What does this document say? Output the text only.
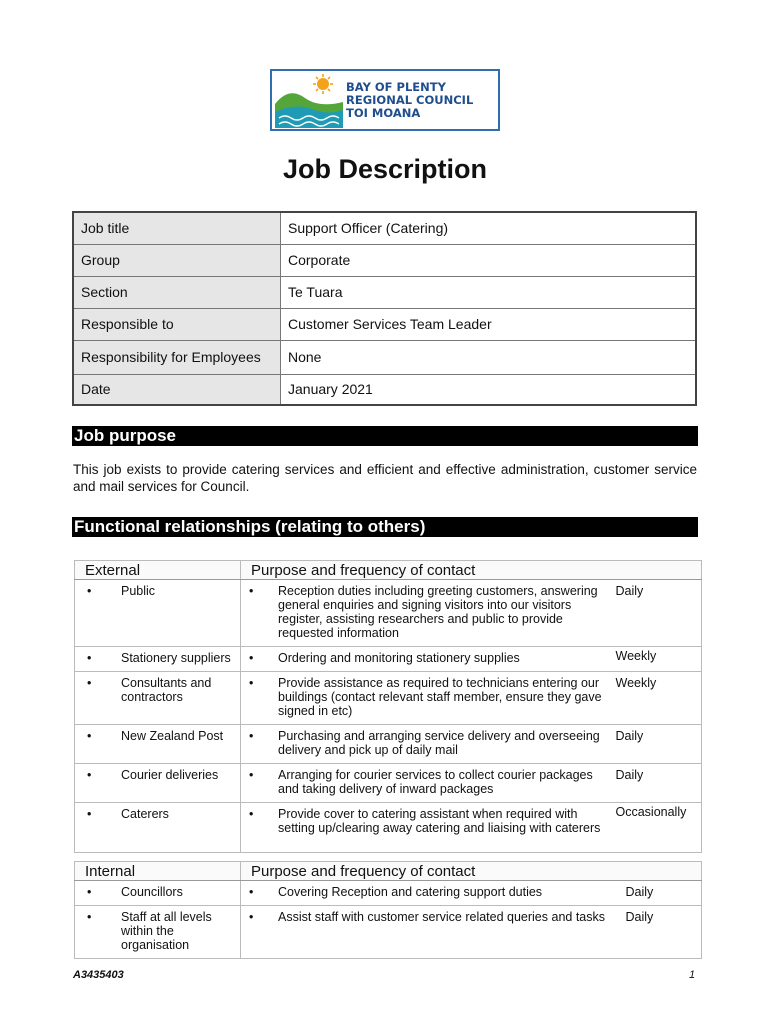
BAY OF PLENTY
REGIONAL COUNCIL
TOI MOANA
Job Description
Job title	Support Officer (Catering)
Group	Corporate
Section	Te Tuara
Responsible to	Customer Services Team Leader
Responsibility for Employees	None
Date	January 2021
Job purpose
This job exists to provide catering services and efficient and effective administration, customer service and mail services for Council.
Functional relationships (relating to others)
External	Purpose and frequency of contact	

• Public	• Reception duties including greeting customers, answering general enquiries and signing visitors into our visitors register, assisting researchers and public to provide requested information	Daily

• Stationery suppliers	• Ordering and monitoring stationery supplies	Weekly

• Consultants and contractors	• Provide assistance as required to technicians entering our buildings (contact relevant staff member, ensure they gave signed in etc)	Weekly

• New Zealand Post	• Purchasing and arranging service delivery and overseeing delivery and pick up of daily mail	Daily

• Courier deliveries	• Arranging for courier services to collect courier packages and taking delivery of inward packages	Daily

• Caterers	• Provide cover to catering assistant when required with setting up/clearing away catering and liaising with caterers	Occasionally
Internal	Purpose and frequency of contact	

• Councillors	• Covering Reception and catering support duties	Daily

• Staff at all levels within the organisation	• Assist staff with customer service related queries and tasks	Daily
A3435403	1
